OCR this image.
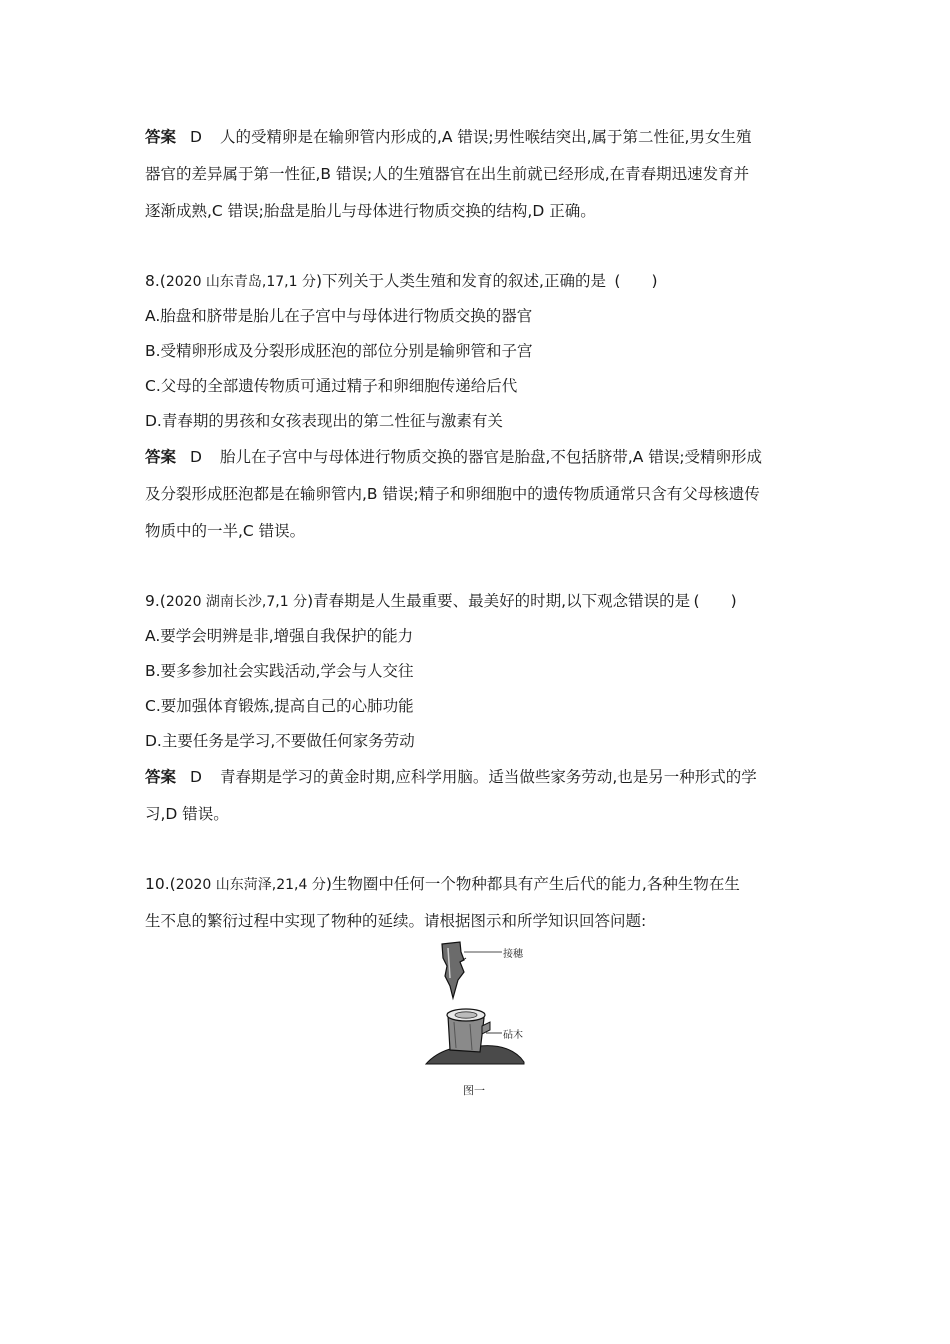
答案 D 人的受精卵是在输卵管内形成的,A 错误;男性喉结突出,属于第二性征,男女生殖
器官的差异属于第一性征,B 错误;人的生殖器官在出生前就已经形成,在青春期迅速发育并
逐渐成熟,C 错误;胎盘是胎儿与母体进行物质交换的结构,D 正确。
8.(2020 山东青岛,17,1 分)下列关于人类生殖和发育的叙述,正确的是 (　　)
A.胎盘和脐带是胎儿在子宫中与母体进行物质交换的器官
B.受精卵形成及分裂形成胚泡的部位分别是输卵管和子宫
C.父母的全部遗传物质可通过精子和卵细胞传递给后代
D.青春期的男孩和女孩表现出的第二性征与激素有关
答案 D 胎儿在子宫中与母体进行物质交换的器官是胎盘,不包括脐带,A 错误;受精卵形成
及分裂形成胚泡都是在输卵管内,B 错误;精子和卵细胞中的遗传物质通常只含有父母核遗传
物质中的一半,C 错误。
9.(2020 湖南长沙,7,1 分)青春期是人生最重要、最美好的时期,以下观念错误的是 (　　)
A.要学会明辨是非,增强自我保护的能力
B.要多参加社会实践活动,学会与人交往
C.要加强体育锻炼,提高自己的心肺功能
D.主要任务是学习,不要做任何家务劳动
答案 D 青春期是学习的黄金时期,应科学用脑。适当做些家务劳动,也是另一种形式的学
习,D 错误。
10.(2020 山东菏泽,21,4 分)生物圈中任何一个物种都具有产生后代的能力,各种生物在生
生不息的繁衍过程中实现了物种的延续。请根据图示和所学知识回答问题:
接穗
砧木
图一
